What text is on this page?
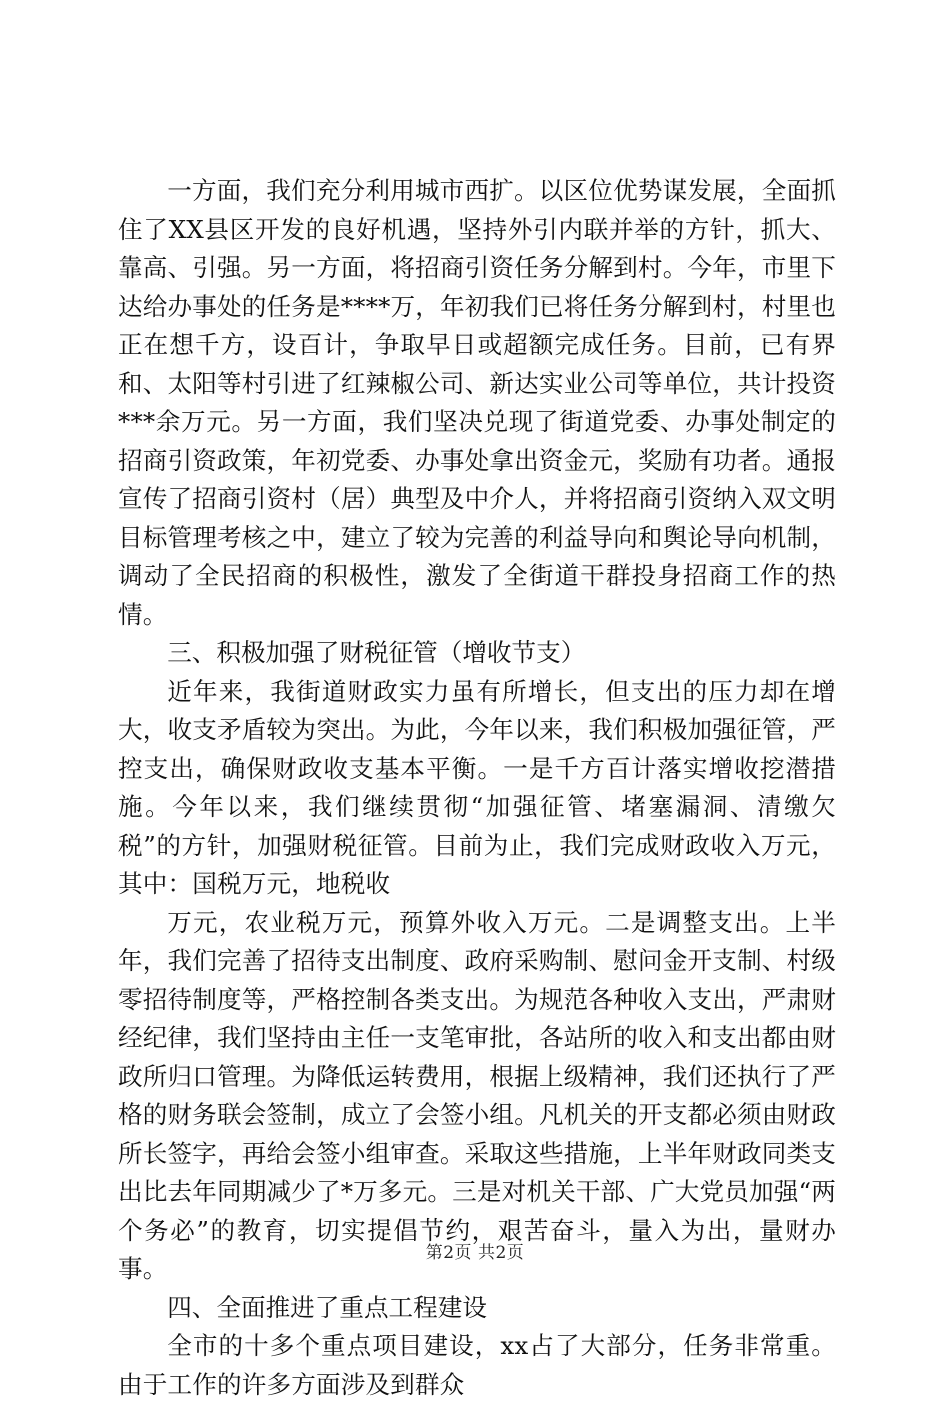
一方面，我们充分利用城市西扩。以区位优势谋发展，全面抓住了XX县区开发的良好机遇，坚持外引内联并举的方针，抓大、靠高、引强。另一方面，将招商引资任务分解到村。今年，市里下达给办事处的任务是****万，年初我们已将任务分解到村，村里也正在想千方，设百计，争取早日或超额完成任务。目前，已有界和、太阳等村引进了红辣椒公司、新达实业公司等单位，共计投资***余万元。另一方面，我们坚决兑现了街道党委、办事处制定的招商引资政策，年初党委、办事处拿出资金元，奖励有功者。通报宣传了招商引资村（居）典型及中介人，并将招商引资纳入双文明目标管理考核之中，建立了较为完善的利益导向和舆论导向机制，调动了全民招商的积极性，激发了全街道干群投身招商工作的热情。

三、积极加强了财税征管（增收节支）

近年来，我街道财政实力虽有所增长，但支出的压力却在增大，收支矛盾较为突出。为此，今年以来，我们积极加强征管，严控支出，确保财政收支基本平衡。一是千方百计落实增收挖潜措施。今年以来，我们继续贯彻“加强征管、堵塞漏洞、清缴欠税”的方针，加强财税征管。目前为止，我们完成财政收入万元，其中：国税万元，地税收

万元，农业税万元，预算外收入万元。二是调整支出。上半年，我们完善了招待支出制度、政府采购制、慰问金开支制、村级零招待制度等，严格控制各类支出。为规范各种收入支出，严肃财经纪律，我们坚持由主任一支笔审批，各站所的收入和支出都由财政所归口管理。为降低运转费用，根据上级精神，我们还执行了严格的财务联会签制，成立了会签小组。凡机关的开支都必须由财政所长签字，再给会签小组审查。采取这些措施，上半年财政同类支出比去年同期减少了*万多元。三是对机关干部、广大党员加强“两个务必”的教育，切实提倡节约，艰苦奋斗，量入为出，量财办事。

四、全面推进了重点工程建设

全市的十多个重点项目建设，xx占了大部分，任务非常重。由于工作的许多方面涉及到群众

第2页 共2页
